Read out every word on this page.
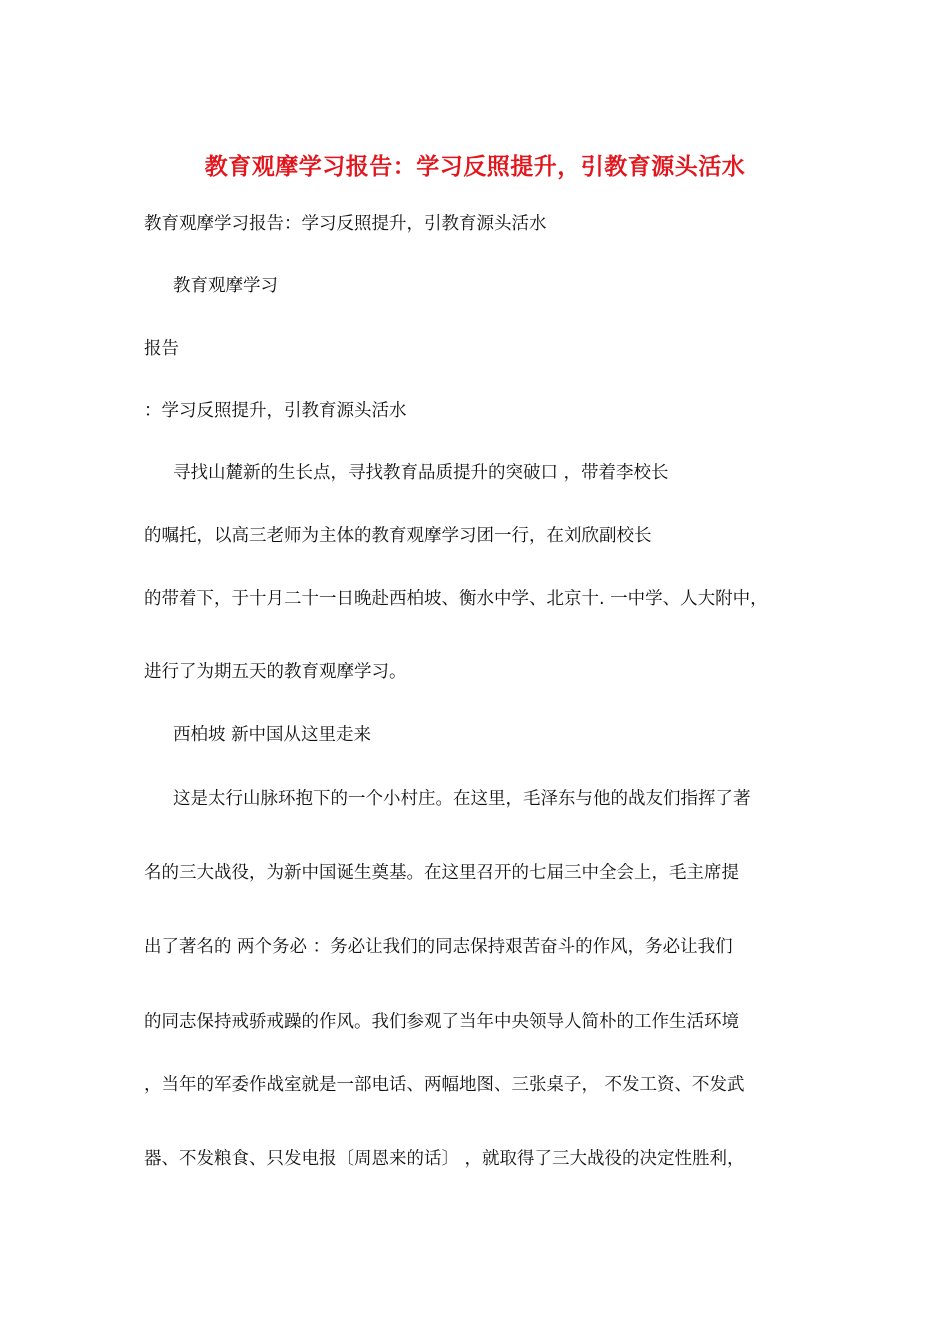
教育观摩学习报告：学习反照提升，引教育源头活水
教育观摩学习报告：学习反照提升，引教育源头活水
教育观摩学习
报告
：学习反照提升，引教育源头活水
寻找山麓新的生长点，寻找教育品质提升的突破口 ，带着李校长
的嘱托，以高三老师为主体的教育观摩学习团一行，在刘欣副校长
的带着下，于十月二十一日晚赴西柏坡、衡水中学、北京十. 一中学、人大附中，
进行了为期五天的教育观摩学习。
西柏坡 新中国从这里走来
这是太行山脉环抱下的一个小村庄。在这里，毛泽东与他的战友们指挥了著
名的三大战役，为新中国诞生奠基。在这里召开的七届三中全会上，毛主席提
出了著名的 两个务必 ：务必让我们的同志保持艰苦奋斗的作风，务必让我们
的同志保持戒骄戒躁的作风。我们参观了当年中央领导人简朴的工作生活环境
，当年的军委作战室就是一部电话、两幅地图、三张桌子， 不发工资、不发武
器、不发粮食、只发电报〔周恩来的话〕 ，就取得了三大战役的决定性胜利，
